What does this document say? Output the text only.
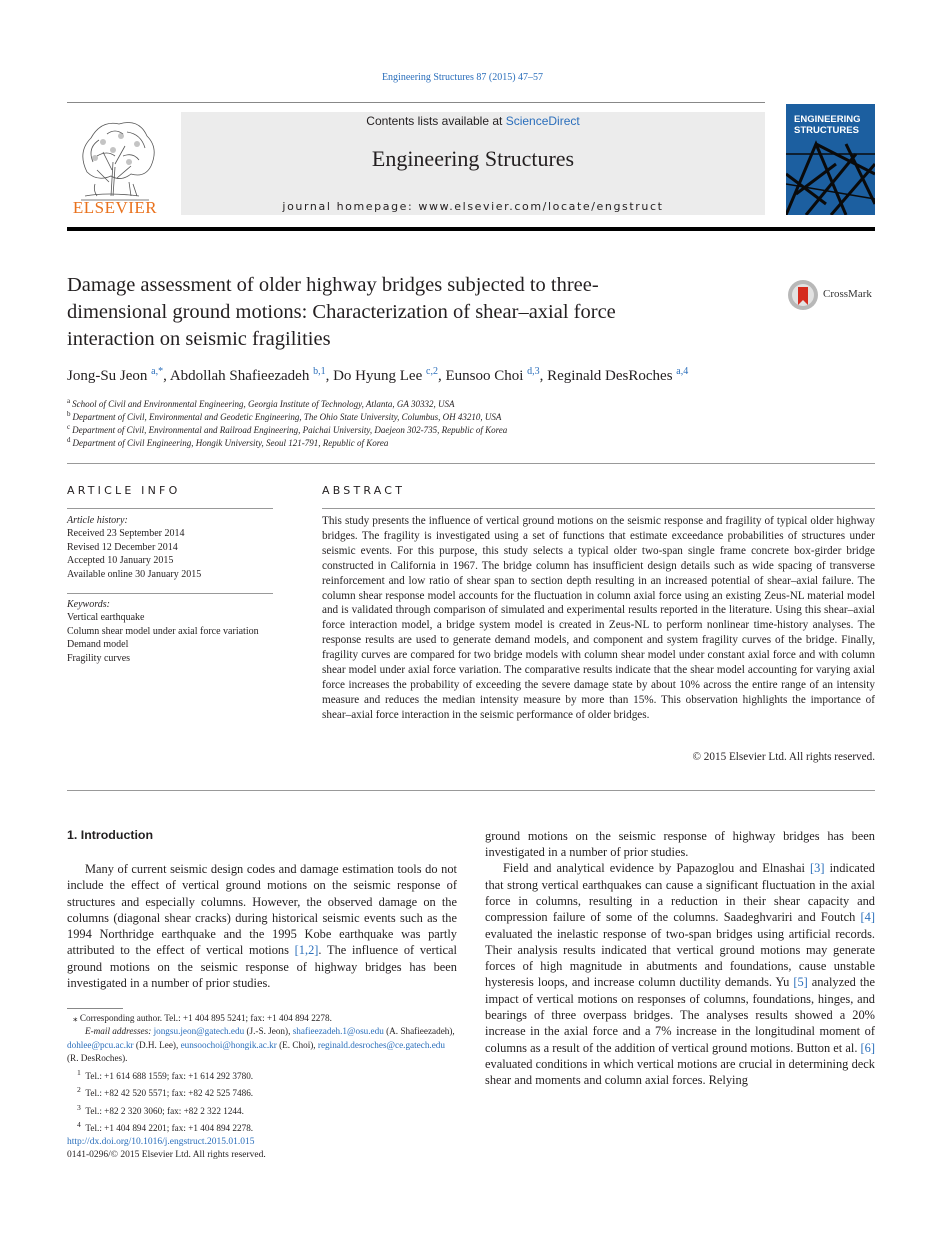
Engineering Structures 87 (2015) 47–57
ELSEVIER
Contents lists available at ScienceDirect
Engineering Structures
journal homepage: www.elsevier.com/locate/engstruct
ENGINEERING
STRUCTURES
Damage assessment of older highway bridges subjected to three-dimensional ground motions: Characterization of shear–axial force interaction on seismic fragilities
CrossMark
Jong-Su Jeon $^{a,*}$, Abdollah Shafieezadeh $^{b,1}$, Do Hyung Lee $^{c,2}$, Eunsoo Choi $^{d,3}$, Reginald DesRoches $^{a,4}$
$^a$ School of Civil and Environmental Engineering, Georgia Institute of Technology, Atlanta, GA 30332, USA
$^b$ Department of Civil, Environmental and Geodetic Engineering, The Ohio State University, Columbus, OH 43210, USA
$^c$ Department of Civil, Environmental and Railroad Engineering, Paichai University, Daejeon 302-735, Republic of Korea
$^d$ Department of Civil Engineering, Hongik University, Seoul 121-791, Republic of Korea
ARTICLE INFO
Article history:
Received 23 September 2014
Revised 12 December 2014
Accepted 10 January 2015
Available online 30 January 2015
Keywords:
Vertical earthquake
Column shear model under axial force variation
Demand model
Fragility curves
ABSTRACT
This study presents the influence of vertical ground motions on the seismic response and fragility of typical older highway bridges. The fragility is investigated using a set of functions that estimate exceedance probabilities of structures under seismic events. For this purpose, this study selects a typical older two-span single frame concrete box-girder bridge constructed in California in 1967. The bridge column has insufficient design details such as wide spacing of transverse reinforcement and low ratio of shear span to section depth resulting in an increased potential of shear–axial failure. The column shear response model accounts for the fluctuation in column axial force using an existing Zeus-NL material model and is validated through comparison of simulated and experimental results reported in the literature. Using this shear–axial force interaction model, a bridge system model is created in Zeus-NL to perform nonlinear time-history analyses. The response results are used to generate demand models, and component and system fragility curves of the bridge. Finally, fragility curves are compared for two bridge models with column shear model under constant axial force and with column shear model under axial force variation. The comparative results indicate that the shear model accounting for varying axial force increases the probability of exceeding the severe damage state by about 10% across the entire range of an intensity measure and reduces the median intensity measure by more than 15%. This observation highlights the importance of shear–axial force interaction in the seismic performance of older bridges.
© 2015 Elsevier Ltd. All rights reserved.
1. Introduction

Many of current seismic design codes and damage estimation tools do not include the effect of vertical ground motions on the seismic response of structures and especially columns. However, the observed damage on the columns (diagonal shear cracks) during historical seismic events such as the 1994 Northridge earthquake and the 1995 Kobe earthquake was partly attributed to the effect of vertical motions [1,2]. The influence of vertical ground motions on the seismic response of highway bridges has been investigated in a number of prior studies.

ground motions on the seismic response of highway bridges has been investigated in a number of prior studies.

Field and analytical evidence by Papazoglou and Elnashai [3] indicated that strong vertical earthquakes can cause a significant fluctuation in the axial force in columns, resulting in a reduction in their shear capacity and compression failure of some of the columns. Saadeghvariri and Foutch [4] evaluated the inelastic response of two-span bridges using artificial records. Their analysis results indicated that vertical ground motions may generate forces of high magnitude in abutments and foundations, cause unstable hysteresis loops, and increase column ductility demands. Yu [5] analyzed the impact of vertical motions on responses of columns, foundations, hinges, and bearings of three overpass bridges. The analyses results showed a 20% increase in the axial force and a 7% increase in the longitudinal moment of columns as a result of the addition of vertical ground motions. Button et al. [6] evaluated conditions in which vertical motions are crucial in determining deck shear and moments and column axial forces. Relying

⁎ Corresponding author. Tel.: +1 404 895 5241; fax: +1 404 894 2278.
E-mail addresses: jongsu.jeon@gatech.edu (J.-S. Jeon), shafieezadeh.1@osu.edu (A. Shafieezadeh), dohlee@pcu.ac.kr (D.H. Lee), eunsoochoi@hongik.ac.kr (E. Choi), reginald.desroches@ce.gatech.edu (R. DesRoches).
$^1$ Tel.: +1 614 688 1559; fax: +1 614 292 3780.
$^2$ Tel.: +82 42 520 5571; fax: +82 42 525 7486.
$^3$ Tel.: +82 2 320 3060; fax: +82 2 322 1244.
$^4$ Tel.: +1 404 894 2201; fax: +1 404 894 2278.
http://dx.doi.org/10.1016/j.engstruct.2015.01.015
0141-0296/© 2015 Elsevier Ltd. All rights reserved.
